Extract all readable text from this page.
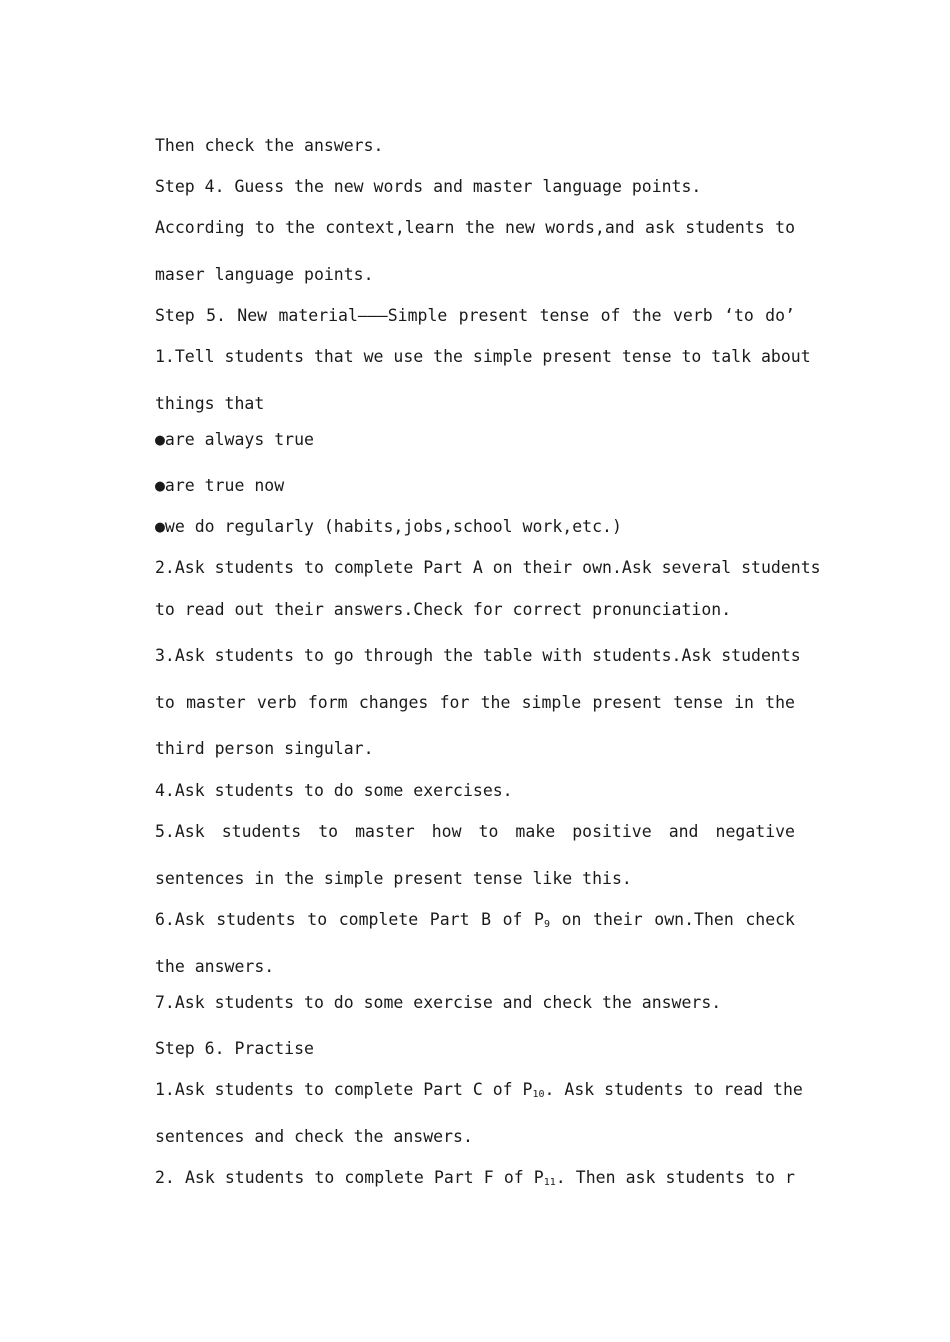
Then check the answers.
Step 4. Guess the new words and master language points.
According to the context,learn the new words,and ask students to
maser language points.
Step 5. New material———Simple present tense of the verb ‘to do’
1.Tell students that we use the simple present tense to talk about
things that
●are always true
●are true now
●we do regularly (habits,jobs,school work,etc.)
2.Ask students to complete Part A on their own.Ask several students
to read out their answers.Check for correct pronunciation.
3.Ask students to go through the table with students.Ask students
to master verb form changes for the simple present tense in the
third person singular.
4.Ask students to do some exercises.
5.Ask students to master how to make positive and negative
sentences in the simple present tense like this.
6.Ask students to complete Part B of $P_9$ on their own.Then check
the answers.
7.Ask students to do some exercise and check the answers.
Step 6. Practise
1.Ask students to complete Part C of $P_{10}$. Ask students to read the
sentences and check the answers.
2. Ask students to complete Part F of $P_{11}$. Then ask students to r
